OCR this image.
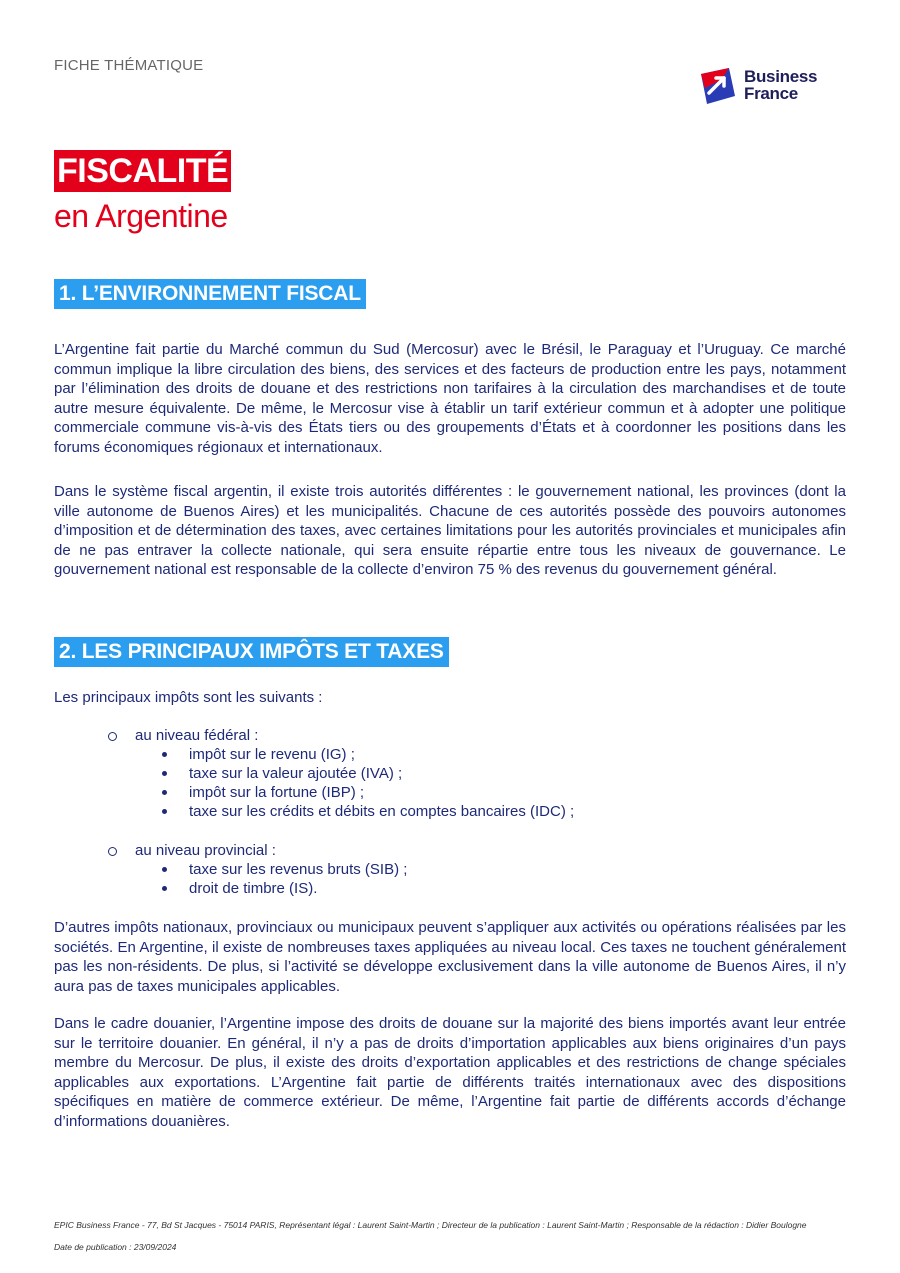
FICHE THÉMATIQUE
Business
France
FISCALITÉ
en Argentine
1. L’ENVIRONNEMENT FISCAL

L’Argentine fait partie du Marché commun du Sud (Mercosur) avec le Brésil, le Paraguay et l’Uruguay. Ce marché commun implique la libre circulation des biens, des services et des facteurs de production entre les pays, notamment par l’élimination des droits de douane et des restrictions non tarifaires à la circulation des marchandises et de toute autre mesure équivalente. De même, le Mercosur vise à établir un tarif extérieur commun et à adopter une politique commerciale commune vis-à-vis des États tiers ou des groupements d’États et à coordonner les positions dans les forums économiques régionaux et internationaux.

Dans le système fiscal argentin, il existe trois autorités différentes : le gouvernement national, les provinces (dont la ville autonome de Buenos Aires) et les municipalités. Chacune de ces autorités possède des pouvoirs autonomes d’imposition et de détermination des taxes, avec certaines limitations pour les autorités provinciales et municipales afin de ne pas entraver la collecte nationale, qui sera ensuite répartie entre tous les niveaux de gouvernance. Le gouvernement national est responsable de la collecte d’environ 75 % des revenus du gouvernement général.

2. LES PRINCIPAUX IMPÔTS ET TAXES
Les principaux impôts sont les suivants :
au niveau fédéral :
impôt sur le revenu (IG) ;
taxe sur la valeur ajoutée (IVA) ;
impôt sur la fortune (IBP) ;
taxe sur les crédits et débits en comptes bancaires (IDC) ;
au niveau provincial :
taxe sur les revenus bruts (SIB) ;
droit de timbre (IS).

D’autres impôts nationaux, provinciaux ou municipaux peuvent s’appliquer aux activités ou opérations réalisées par les sociétés. En Argentine, il existe de nombreuses taxes appliquées au niveau local. Ces taxes ne touchent généralement pas les non-résidents. De plus, si l’activité se développe exclusivement dans la ville autonome de Buenos Aires, il n’y aura pas de taxes municipales applicables.

Dans le cadre douanier, l’Argentine impose des droits de douane sur la majorité des biens importés avant leur entrée sur le territoire douanier. En général, il n’y a pas de droits d’importation applicables aux biens originaires d’un pays membre du Mercosur. De plus, il existe des droits d’exportation applicables et des restrictions de change spéciales applicables aux exportations. L’Argentine fait partie de différents traités internationaux avec des dispositions spécifiques en matière de commerce extérieur. De même, l’Argentine fait partie de différents accords d’échange d’informations douanières.

EPIC Business France - 77, Bd St Jacques - 75014 PARIS, Représentant légal : Laurent Saint-Martin ; Directeur de la publication : Laurent Saint-Martin ; Responsable de la rédaction : Didier Boulogne
Date de publication : 23/09/2024
